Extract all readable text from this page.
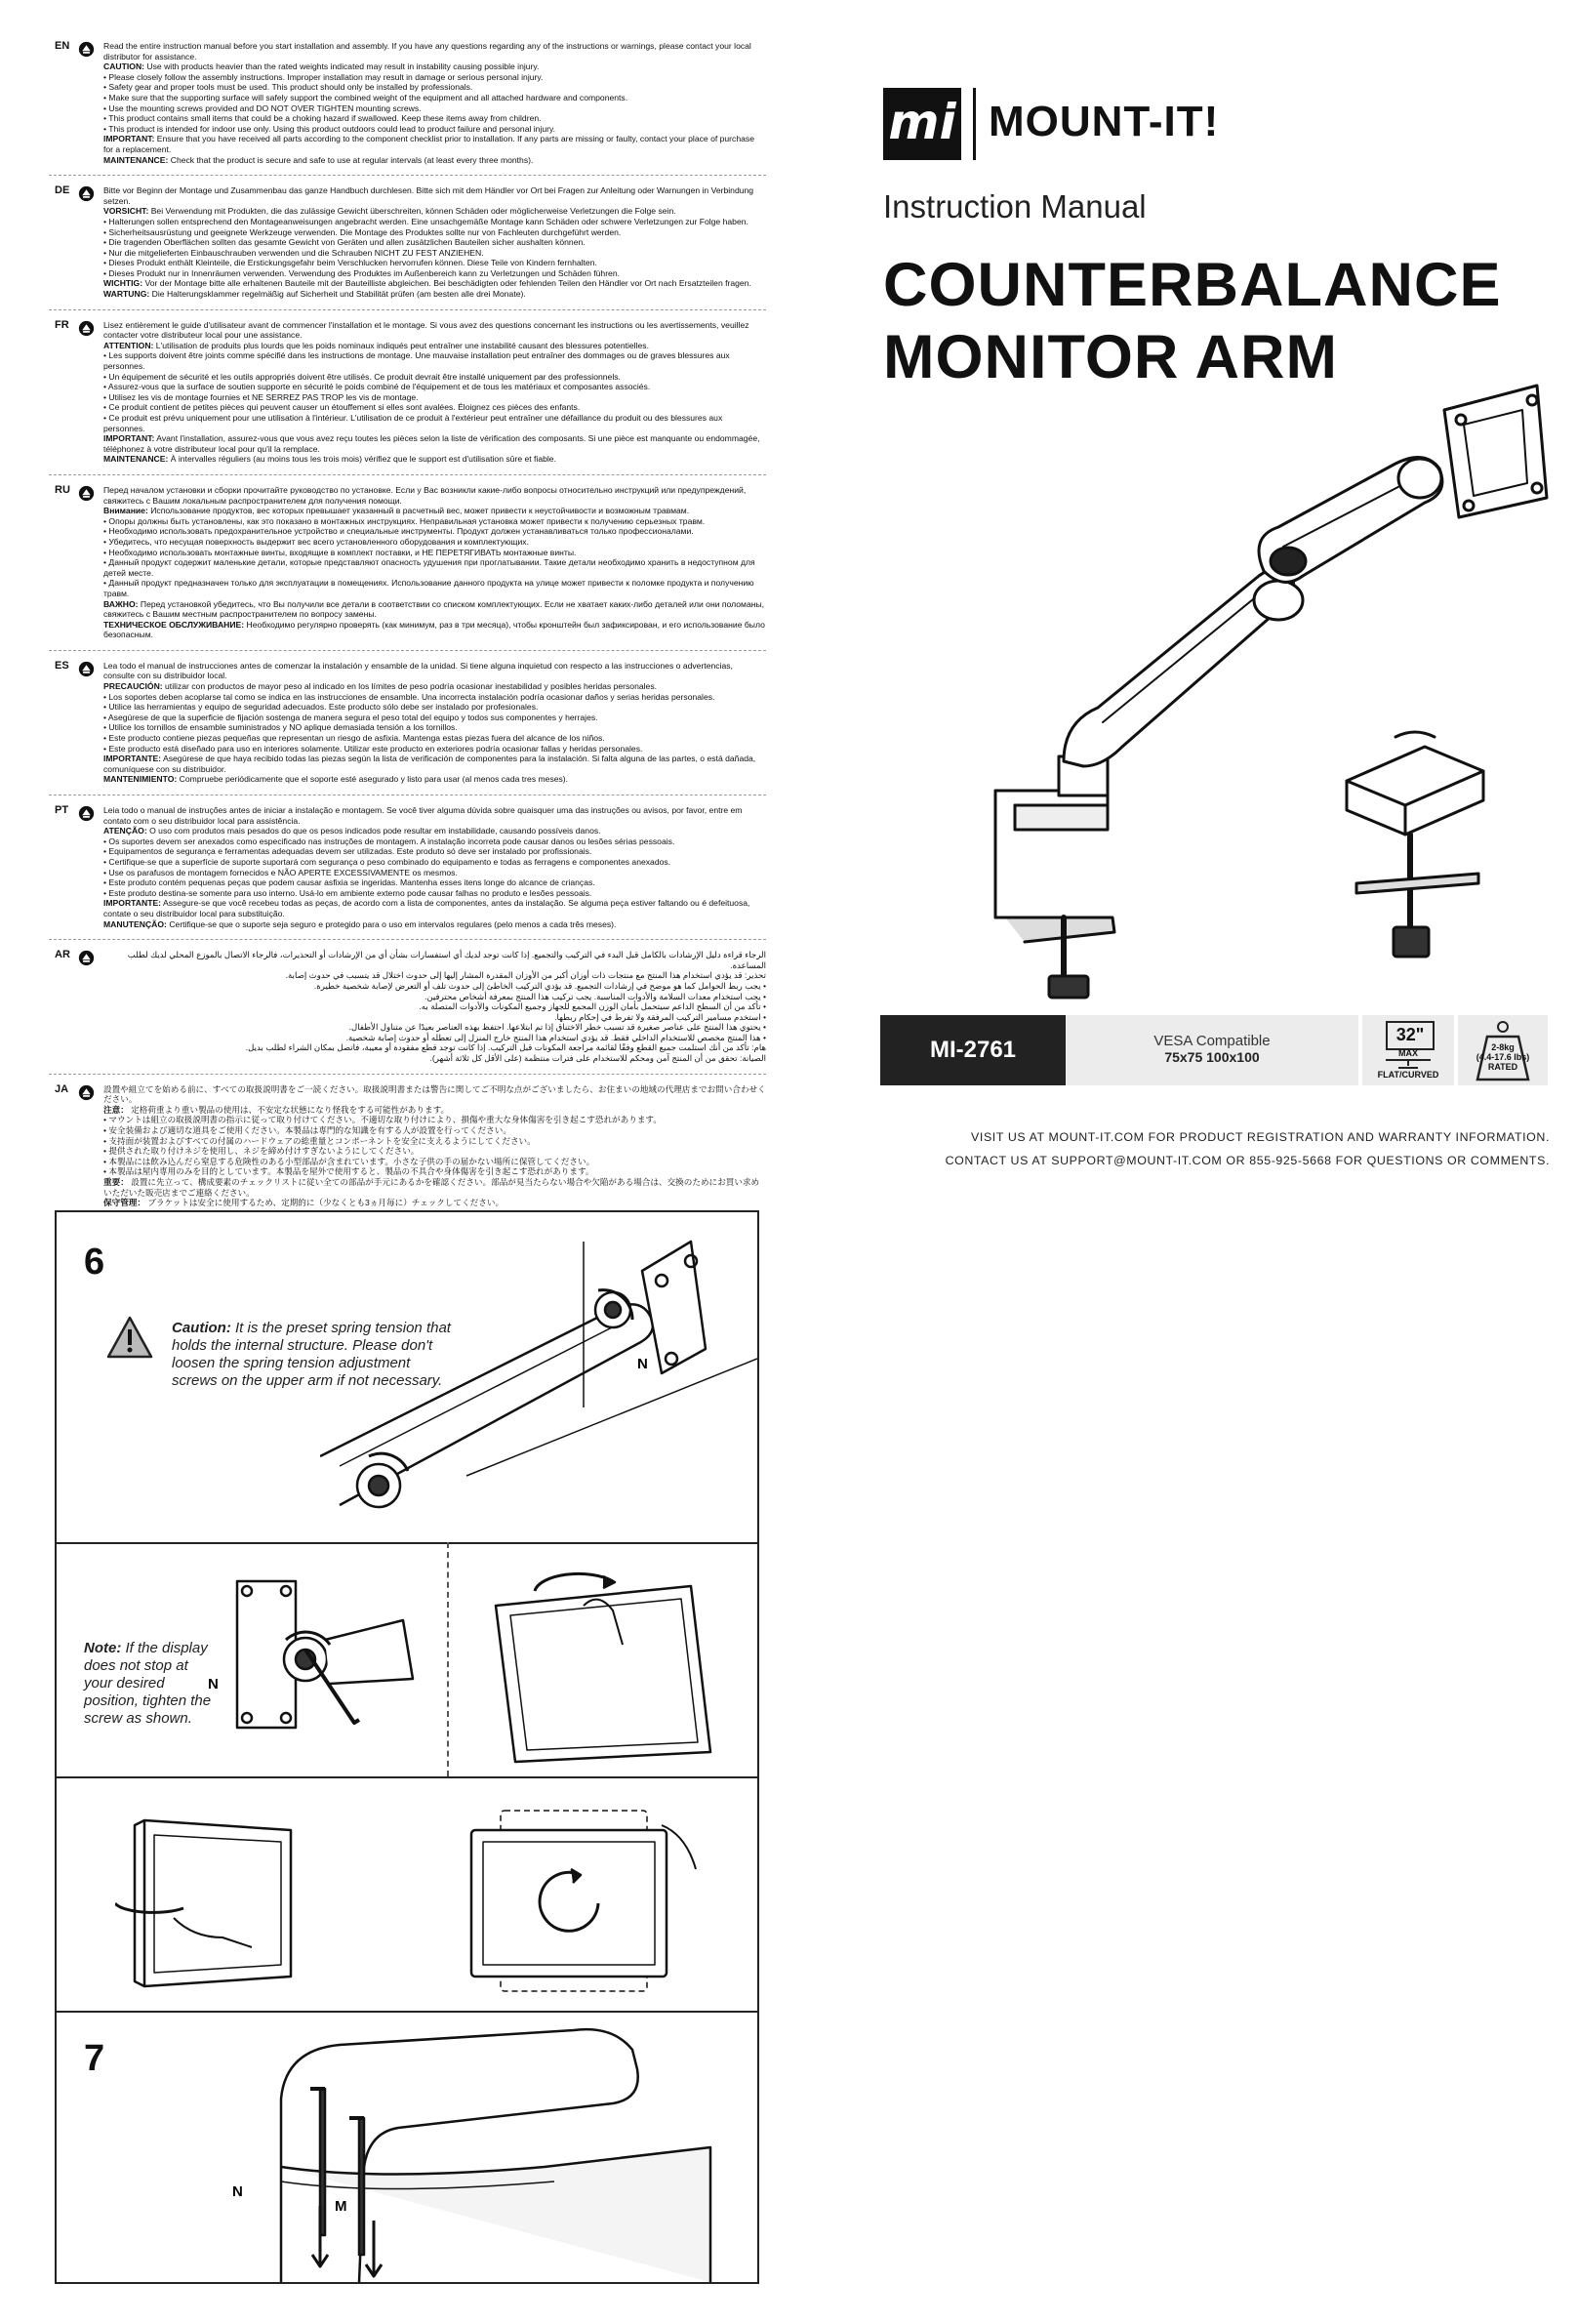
EN	Read the entire instruction manual before you start installation and assembly. If you have any questions regarding any of the instructions or warnings, please contact your local distributor for assistance.

CAUTION: Use with products heavier than the rated weights indicated may result in instability causing possible injury.

• Please closely follow the assembly instructions. Improper installation may result in damage or serious personal injury.
• Safety gear and proper tools must be used. This product should only be installed by professionals.
• Make sure that the supporting surface will safely support the combined weight of the equipment and all attached hardware and components.
• Use the mounting screws provided and DO NOT OVER TIGHTEN mounting screws.
• This product contains small items that could be a choking hazard if swallowed. Keep these items away from children.
• This product is intended for indoor use only. Using this product outdoors could lead to product failure and personal injury.

IMPORTANT: Ensure that you have received all parts according to the component checklist prior to installation. If any parts are missing or faulty, contact your place of purchase for a replacement.

MAINTENANCE: Check that the product is secure and safe to use at regular intervals (at least every three months).

DE	Bitte vor Beginn der Montage und Zusammenbau das ganze Handbuch durchlesen. Bitte sich mit dem Händler vor Ort bei Fragen zur Anleitung oder Warnungen in Verbindung setzen.

VORSICHT: Bei Verwendung mit Produkten, die das zulässige Gewicht überschreiten, können Schäden oder möglicherweise Verletzungen die Folge sein.

• Halterungen sollen entsprechend den Montageanweisungen angebracht werden. Eine unsachgemäße Montage kann Schäden oder schwere Verletzungen zur Folge haben.
• Sicherheitsausrüstung und geeignete Werkzeuge verwenden. Die Montage des Produktes sollte nur von Fachleuten durchgeführt werden.
• Die tragenden Oberflächen sollten das gesamte Gewicht von Geräten und allen zusätzlichen Bauteilen sicher aushalten können.
• Nur die mitgelieferten Einbauschrauben verwenden und die Schrauben NICHT ZU FEST ANZIEHEN.
• Dieses Produkt enthält Kleinteile, die Erstickungsgefahr beim Verschlucken hervorrufen können. Diese Teile von Kindern fernhalten.
• Dieses Produkt nur in Innenräumen verwenden. Verwendung des Produktes im Außenbereich kann zu Verletzungen und Schäden führen.

WICHTIG: Vor der Montage bitte alle erhaltenen Bauteile mit der Bauteilliste abgleichen. Bei beschädigten oder fehlenden Teilen den Händler vor Ort nach Ersatzteilen fragen.

WARTUNG: Die Halterungsklammer regelmäßig auf Sicherheit und Stabilität prüfen (am besten alle drei Monate).

FR	Lisez entièrement le guide d'utilisateur avant de commencer l'installation et le montage. Si vous avez des questions concernant les instructions ou les avertissements, veuillez contacter votre distributeur local pour une assistance.

ATTENTION: L'utilisation de produits plus lourds que les poids nominaux indiqués peut entraîner une instabilité causant des blessures potentielles.

• Les supports doivent être joints comme spécifié dans les instructions de montage. Une mauvaise installation peut entraîner des dommages ou de graves blessures aux personnes.
• Un équipement de sécurité et les outils appropriés doivent être utilisés. Ce produit devrait être installé uniquement par des professionnels.
• Assurez-vous que la surface de soutien supporte en sécurité le poids combiné de l'équipement et de tous les matériaux et composantes associés.
• Utilisez les vis de montage fournies et NE SERREZ PAS TROP les vis de montage.
• Ce produit contient de petites pièces qui peuvent causer un étouffement si elles sont avalées. Éloignez ces pièces des enfants.
• Ce produit est prévu uniquement pour une utilisation à l'intérieur. L'utilisation de ce produit à l'extérieur peut entraîner une défaillance du produit ou des blessures aux personnes.

IMPORTANT: Avant l'installation, assurez-vous que vous avez reçu toutes les pièces selon la liste de vérification des composants. Si une pièce est manquante ou endommagée, téléphonez à votre distributeur local pour qu'il la remplace.

MAINTENANCE: À intervalles réguliers (au moins tous les trois mois) vérifiez que le support est d'utilisation sûre et fiable.

RU	Перед началом установки и сборки прочитайте руководство по установке. Если у Вас возникли какие-либо вопросы относительно инструкций или предупреждений, свяжитесь с Вашим локальным распространителем для получения помощи.

Внимание: Использование продуктов, вес которых превышает указанный в расчетный вес, может привести к неустойчивости и возможным травмам.

• Опоры должны быть установлены, как это показано в монтажных инструкциях. Неправильная установка может привести к получению серьезных травм.
• Необходимо использовать предохранительное устройство и специальные инструменты. Продукт должен устанавливаться только профессионалами.
• Убедитесь, что несущая поверхность выдержит вес всего установленного оборудования и комплектующих.
• Необходимо использовать монтажные винты, входящие в комплект поставки, и НЕ ПЕРЕТЯГИВАТЬ монтажные винты.
• Данный продукт содержит маленькие детали, которые представляют опасность удушения при проглатывании. Такие детали необходимо хранить в недоступном для детей месте.
• Данный продукт предназначен только для эксплуатации в помещениях. Использование данного продукта на улице может привести к поломке продукта и получению травм.

ВАЖНО: Перед установкой убедитесь, что Вы получили все детали в соответствии со списком комплектующих. Если не хватает каких-либо деталей или они поломаны, свяжитесь с Вашим местным распространителем по вопросу замены.

ТЕХНИЧЕСКОЕ ОБСЛУЖИВАНИЕ: Необходимо регулярно проверять (как минимум, раз в три месяца), чтобы кронштейн был зафиксирован, и его использование было безопасным.

ES	Lea todo el manual de instrucciones antes de comenzar la instalación y ensamble de la unidad. Si tiene alguna inquietud con respecto a las instrucciones o advertencias, consulte con su distribuidor local.

PRECAUCIÓN: utilizar con productos de mayor peso al indicado en los límites de peso podría ocasionar inestabilidad y posibles heridas personales.

• Los soportes deben acoplarse tal como se indica en las instrucciones de ensamble. Una incorrecta instalación podría ocasionar daños y serias heridas personales.
• Utilice las herramientas y equipo de seguridad adecuados. Este producto sólo debe ser instalado por profesionales.
• Asegúrese de que la superficie de fijación sostenga de manera segura el peso total del equipo y todos sus componentes y herrajes.
• Utilice los tornillos de ensamble suministrados y NO aplique demasiada tensión a los tornillos.
• Este producto contiene piezas pequeñas que representan un riesgo de asfixia. Mantenga estas piezas fuera del alcance de los niños.
• Este producto está diseñado para uso en interiores solamente. Utilizar este producto en exteriores podría ocasionar fallas y heridas personales.

IMPORTANTE: Asegúrese de que haya recibido todas las piezas según la lista de verificación de componentes para la instalación. Si falta alguna de las partes, o está dañada, comuníquese con su distribuidor.

MANTENIMIENTO: Compruebe periódicamente que el soporte esté asegurado y listo para usar (al menos cada tres meses).

PT	Leia todo o manual de instruções antes de iniciar a instalação e montagem. Se você tiver alguma dúvida sobre quaisquer uma das instruções ou avisos, por favor, entre em contato com o seu distribuidor local para assistência.

ATENÇÃO: O uso com produtos mais pesados do que os pesos indicados pode resultar em instabilidade, causando possíveis danos.

• Os suportes devem ser anexados como especificado nas instruções de montagem. A instalação incorreta pode causar danos ou lesões sérias pessoais.
• Equipamentos de segurança e ferramentas adequadas devem ser utilizadas. Este produto só deve ser instalado por profissionais.
• Certifique-se que a superfície de suporte suportará com segurança o peso combinado do equipamento e todas as ferragens e componentes anexados.
• Use os parafusos de montagem fornecidos e NÃO APERTE EXCESSIVAMENTE os mesmos.
• Este produto contém pequenas peças que podem causar asfixia se ingeridas. Mantenha esses itens longe do alcance de crianças.
• Este produto destina-se somente para uso interno. Usá-lo em ambiente externo pode causar falhas no produto e lesões pessoais.

IMPORTANTE: Assegure-se que você recebeu todas as peças, de acordo com a lista de componentes, antes da instalação. Se alguma peça estiver faltando ou é defeituosa, contate o seu distribuidor local para substituição.

MANUTENÇÃO: Certifique-se que o suporte seja seguro e protegido para o uso em intervalos regulares (pelo menos a cada três meses).

AR	الرجاء قراءة دليل الإرشادات بالكامل قبل البدء في التركيب والتجميع. إذا كانت توجد لديك أي استفسارات بشأن أي من الإرشادات أو التحذيرات، فالرجاء الاتصال بالموزع المحلي لديك لطلب المساعدة.

تحذير: قد يؤدي استخدام هذا المنتج مع منتجات ذات أوزان أكبر من الأوزان المقدرة المشار إليها إلى حدوث اختلال قد يتسبب في حدوث إصابة.

• يجب ربط الحوامل كما هو موضح في إرشادات التجميع. قد يؤدي التركيب الخاطئ إلى حدوث تلف أو التعرض لإصابة شخصية خطيرة.

• يجب استخدام معدات السلامة والأدوات المناسبة. يجب تركيب هذا المنتج بمعرفة أشخاص محترفين.

• تأكد من أن السطح الداعم سيتحمل بأمان الوزن المجمع للجهاز وجميع المكونات والأدوات المتصلة به.

• استخدم مسامير التركيب المرفقة ولا تفرط في إحكام ربطها.

• يحتوي هذا المنتج على عناصر صغيرة قد تسبب خطر الاختناق إذا تم ابتلاعها. احتفظ بهذه العناصر بعيدًا عن متناول الأطفال.

• هذا المنتج مخصص للاستخدام الداخلي فقط. قد يؤدي استخدام هذا المنتج خارج المنزل إلى تعطله أو حدوث إصابة شخصية.

هام: تأكد من أنك استلمت جميع القطع وفقًا لقائمة مراجعة المكونات قبل التركيب. إذا كانت توجد قطع مفقودة أو معيبة، فاتصل بمكان الشراء لطلب بديل.

الصيانة: تحقق من أن المنتج آمن ومحكم للاستخدام على فترات منتظمة (على الأقل كل ثلاثة أشهر).

JA	設置や組立てを始める前に、すべての取扱説明書をご一読ください。取扱説明書または警告に関してご不明な点がございましたら、お住まいの地域の代理店までお問い合わせください。

注意： 定格荷重より重い製品の使用は、不安定な状態になり怪我をする可能性があります。

• マウントは組立の取扱説明書の指示に従って取り付けてください。不適切な取り付けにより、損傷や重大な身体傷害を引き起こす恐れがあります。
• 安全装備および適切な道具をご使用ください。本製品は専門的な知識を有する人が設置を行ってください。
• 支持面が装置およびすべての付属のハードウェアの総重量とコンポーネントを安全に支えるようにしてください。
• 提供された取り付けネジを使用し、ネジを締め付けすぎないようにしてください。
• 本製品には飲み込んだら窒息する危険性のある小型部品が含まれています。小さな子供の手の届かない場所に保管してください。
• 本製品は屋内専用のみを目的としています。本製品を屋外で使用すると、製品の不具合や身体傷害を引き起こす恐れがあります。

重要： 設置に先立って、構成要素のチェックリストに従い全ての部品が手元にあるかを確認ください。部品が見当たらない場合や欠陥がある場合は、交換のためにお買い求めいただいた販売店までご連絡ください。

保守管理： ブラケットは安全に使用するため、定期的に（少なくとも3ヵ月毎に）チェックしてください。

mi MOUNT-IT!
Instruction Manual
COUNTERBALANCE
MONITOR ARM
MI-2761	VESA Compatible
75x75 100x100
32"
MAX
FLAT/CURVED
2-8kg
(4.4-17.6 lbs)
RATED
VISIT US AT MOUNT-IT.COM FOR PRODUCT REGISTRATION AND WARRANTY INFORMATION.
CONTACT US AT SUPPORT@MOUNT-IT.COM OR 855-925-5668 FOR QUESTIONS OR COMMENTS.
6
Caution: It is the preset spring tension that holds the internal structure. Please don't loosen the spring tension adjustment screws on the upper arm if not necessary.
N
Note: If the display does not stop at your desired position, tighten the screw as shown.
N
7
N
M
